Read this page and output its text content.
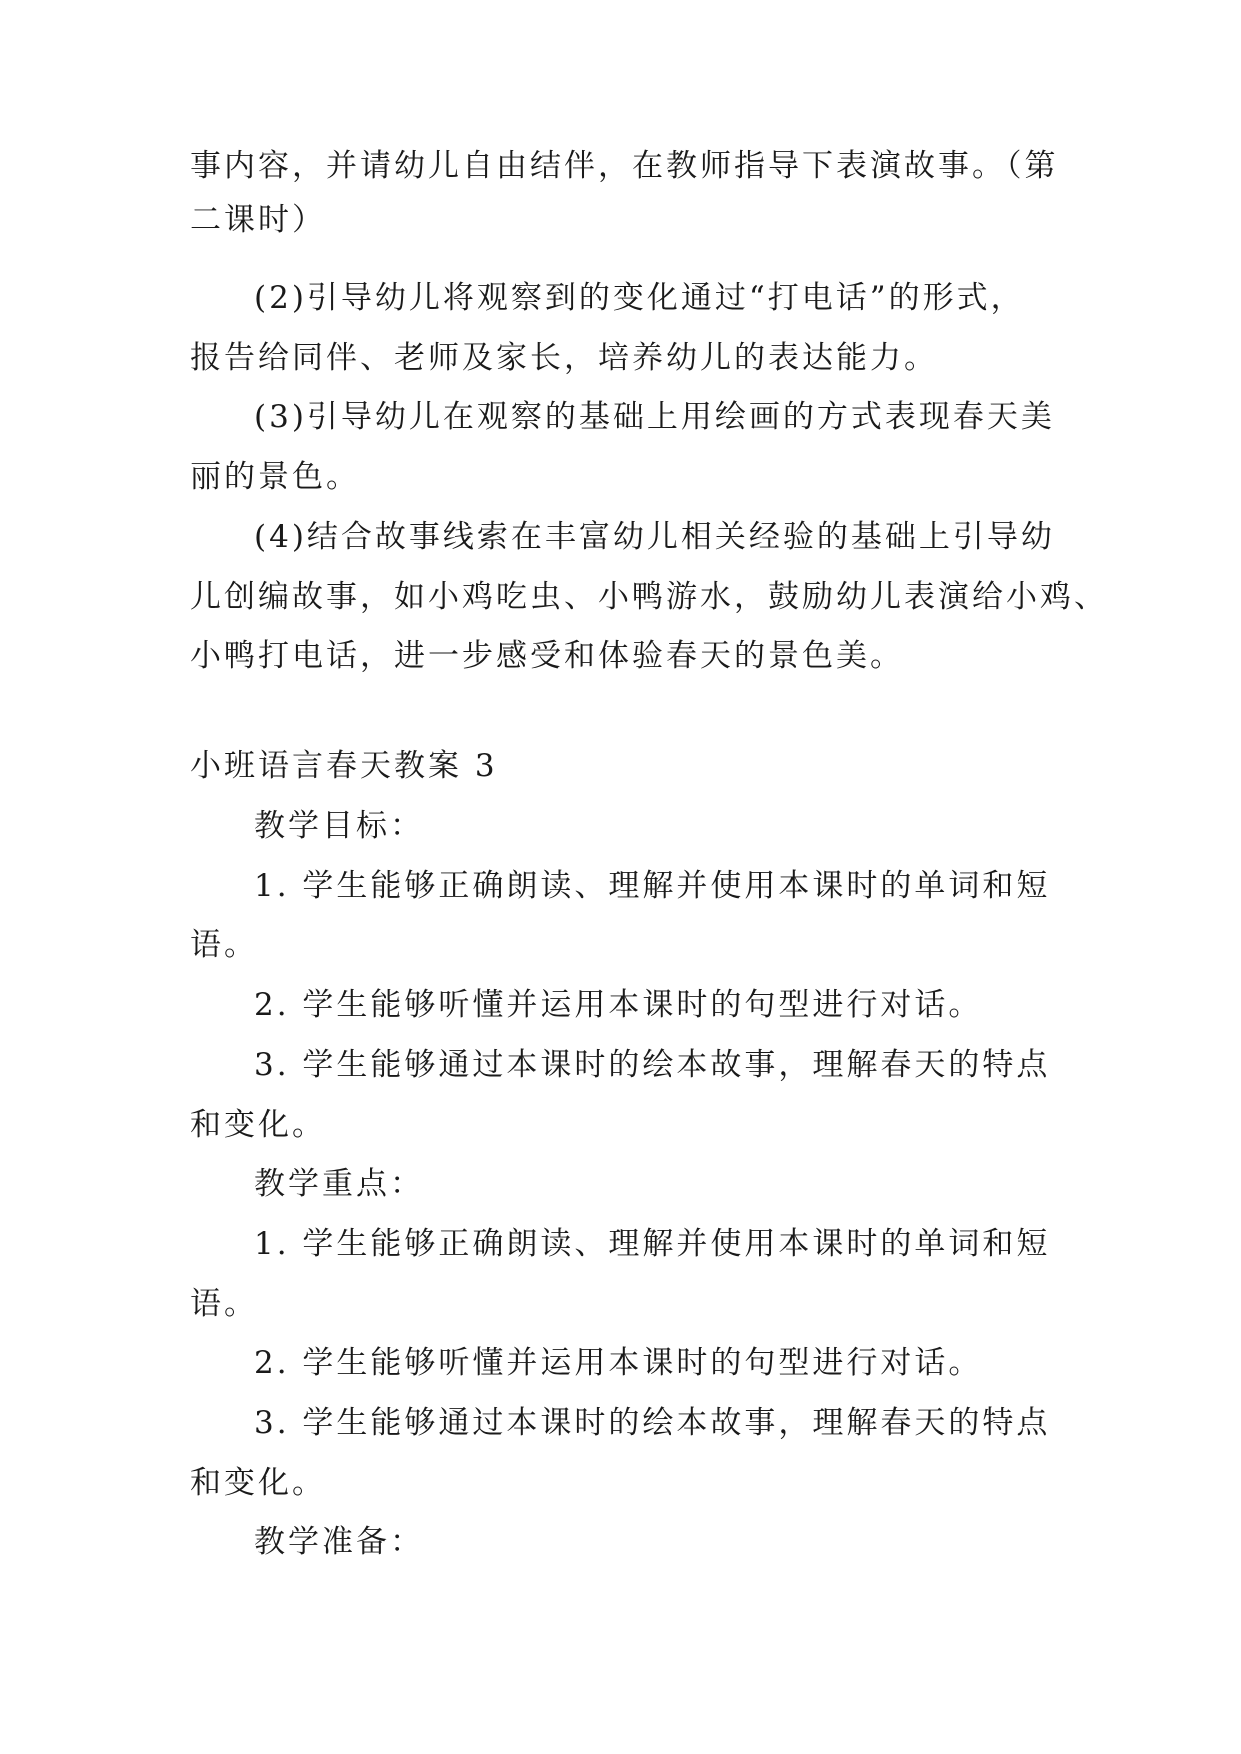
事内容，并请幼儿自由结伴，在教师指导下表演故事。（第
二课时）
(2)引导幼儿将观察到的变化通过“打电话”的形式，
报告给同伴、老师及家长，培养幼儿的表达能力。
(3)引导幼儿在观察的基础上用绘画的方式表现春天美
丽的景色。
(4)结合故事线索在丰富幼儿相关经验的基础上引导幼
儿创编故事，如小鸡吃虫、小鸭游水，鼓励幼儿表演给小鸡、
小鸭打电话，进一步感受和体验春天的景色美。
小班语言春天教案 3
教学目标：
1. 学生能够正确朗读、理解并使用本课时的单词和短
语。
2. 学生能够听懂并运用本课时的句型进行对话。
3. 学生能够通过本课时的绘本故事，理解春天的特点
和变化。
教学重点：
1. 学生能够正确朗读、理解并使用本课时的单词和短
语。
2. 学生能够听懂并运用本课时的句型进行对话。
3. 学生能够通过本课时的绘本故事，理解春天的特点
和变化。
教学准备：
